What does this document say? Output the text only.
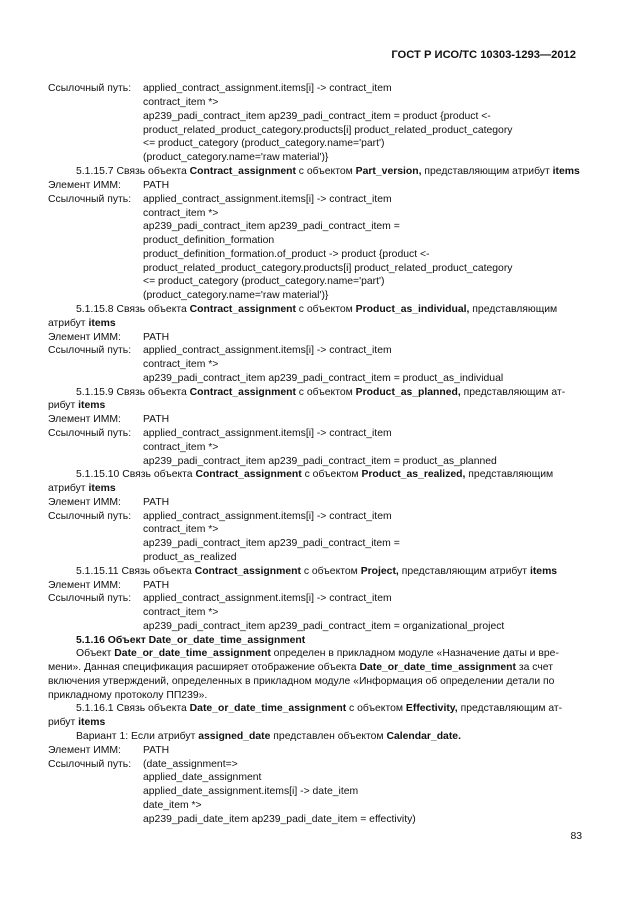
ГОСТ Р ИСО/ТС 10303-1293—2012
Ссылочный путь: applied_contract_assignment.items[i] -> contract_item
contract_item *>
ap239_padi_contract_item ap239_padi_contract_item = product {product <-
product_related_product_category.products[i] product_related_product_category
<= product_category (product_category.name='part')
(product_category.name='raw material')}
5.1.15.7 Связь объекта Contract_assignment с объектом Part_version, представляющим атрибут items
Элемент ИММ: PATH
Ссылочный путь: applied_contract_assignment.items[i] -> contract_item
contract_item *>
ap239_padi_contract_item ap239_padi_contract_item =
product_definition_formation
product_definition_formation.of_product -> product {product <-
product_related_product_category.products[i] product_related_product_category
<= product_category (product_category.name='part')
(product_category.name='raw material')}
5.1.15.8 Связь объекта Contract_assignment с объектом Product_as_individual, представляющим
атрибут items
Элемент ИММ: PATH
Ссылочный путь: applied_contract_assignment.items[i] -> contract_item
contract_item *>
ap239_padi_contract_item ap239_padi_contract_item = product_as_individual
5.1.15.9 Связь объекта Contract_assignment с объектом Product_as_planned, представляющим ат-
рибут items
Элемент ИММ: PATH
Ссылочный путь: applied_contract_assignment.items[i] -> contract_item
contract_item *>
ap239_padi_contract_item ap239_padi_contract_item = product_as_planned
5.1.15.10 Связь объекта Contract_assignment с объектом Product_as_realized, представляющим
атрибут items
Элемент ИММ: PATH
Ссылочный путь: applied_contract_assignment.items[i] -> contract_item
contract_item *>
ap239_padi_contract_item ap239_padi_contract_item =
product_as_realized
5.1.15.11 Связь объекта Contract_assignment с объектом Project, представляющим атрибут items
Элемент ИММ: PATH
Ссылочный путь: applied_contract_assignment.items[i] -> contract_item
contract_item *>
ap239_padi_contract_item ap239_padi_contract_item = organizational_project
5.1.16 Объект Date_or_date_time_assignment
Объект Date_or_date_time_assignment определен в прикладном модуле «Назначение даты и вре-
мени». Данная спецификация расширяет отображение объекта Date_or_date_time_assignment за счет
включения утверждений, определенных в прикладном модуле «Информация об определении детали по
прикладному протоколу ПП239».
5.1.16.1 Связь объекта Date_or_date_time_assignment с объектом Effectivity, представляющим ат-
рибут items
Вариант 1: Если атрибут assigned_date представлен объектом Calendar_date.
Элемент ИММ: PATH
Ссылочный путь: (date_assignment=>
applied_date_assignment
applied_date_assignment.items[i] -> date_item
date_item *>
ap239_padi_date_item ap239_padi_date_item = effectivity)
83
